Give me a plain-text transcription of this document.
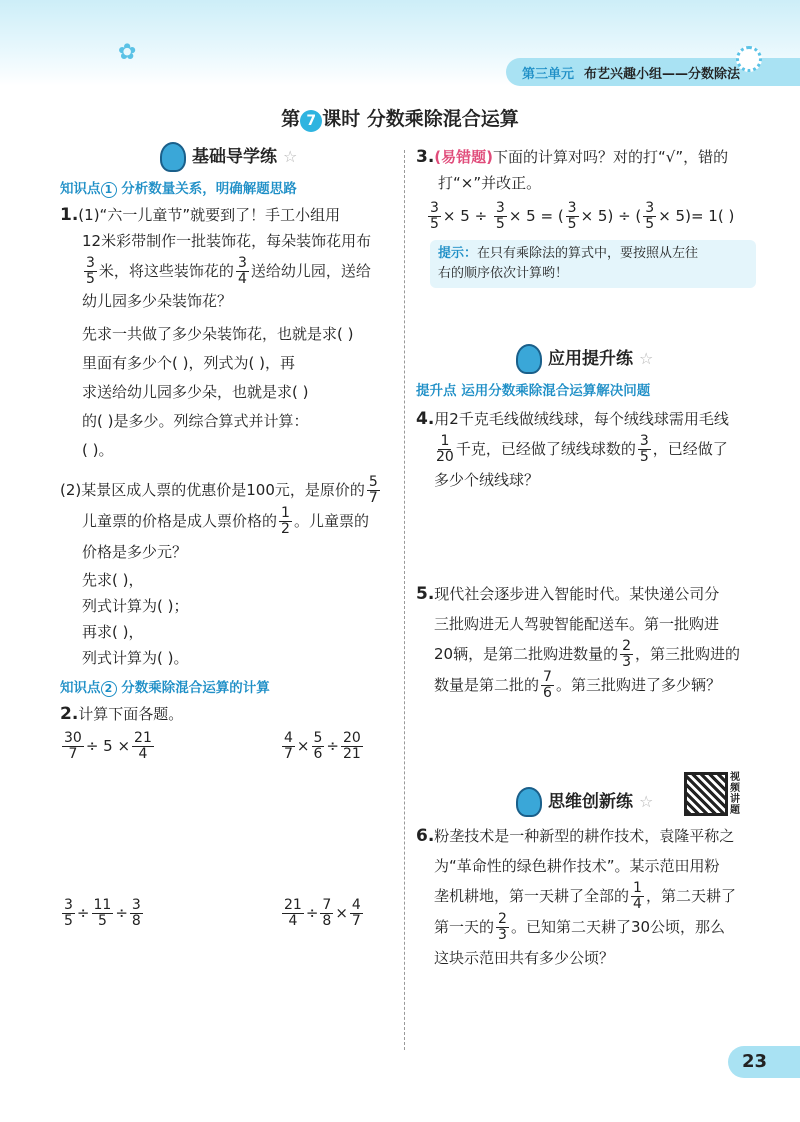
✿
第三单元 布艺兴趣小组——分数除法
第 7 课时 分数乘除混合运算
基础导学练 ☆
知识点 1 分析数量关系，明确解题思路
1.(1)“六一儿童节”就要到了！手工小组用
12米彩带制作一批装饰花，每朵装饰花用布
$\frac{3}{5}$ 米，将这些装饰花的 $\frac{3}{4}$ 送给幼儿园，送给
幼儿园多少朵装饰花？
先求一共做了多少朵装饰花，也就是求( )
里面有多少个( )，列式为( )，再
求送给幼儿园多少朵，也就是求( )
的( )是多少。列综合算式并计算：
( )。
(2)某景区成人票的优惠价是100元，是原价的 $\frac{5}{7}$
儿童票的价格是成人票价格的 $\frac{1}{2}$ 。儿童票的
价格是多少元？
先求( )，
列式计算为( )；
再求( )，
列式计算为( )。
知识点 2 分数乘除混合运算的计算
2.计算下面各题。
$\frac{30}{7} \div 5 \times \frac{21}{4}$	$\frac{4}{7} \times \frac{5}{6} \div \frac{20}{21}$
$\frac{3}{5} \div \frac{11}{5} \div \frac{3}{8}$	$\frac{21}{4} \div \frac{7}{8} \times \frac{4}{7}$
3.(易错题)下面的计算对吗？对的打“√”，错的
打“×”并改正。
$\frac{3}{5} \times 5 \div \frac{3}{5} \times 5$ = ( $\frac{3}{5} \times 5$) ÷ ( $\frac{3}{5} \times 5)= 1$( )
提示：在只有乘除法的算式中，要按照从左往
右的顺序依次计算哟！
应用提升练 ☆
提升点 运用分数乘除混合运算解决问题
4.用2千克毛线做绒线球，每个绒线球需用毛线
$\frac{1}{20}$ 千克，已经做了绒线球数的 $\frac{3}{5}$ ，已经做了
多少个绒线球？
5.现代社会逐步进入智能时代。某快递公司分
三批购进无人驾驶智能配送车。第一批购进
20辆，是第二批购进数量的 $\frac{2}{3}$ ，第三批购进的
数量是第二批的 $\frac{7}{6}$ 。第三批购进了多少辆？
思维创新练 ☆
6.粉垄技术是一种新型的耕作技术，袁隆平称之
为“革命性的绿色耕作技术”。某示范田用粉
垄机耕地，第一天耕了全部的 $\frac{1}{4}$ ，第二天耕了
第一天的 $\frac{2}{3}$ 。已知第二天耕了30公顷，那么
这块示范田共有多少公顷？
视频讲题
23
